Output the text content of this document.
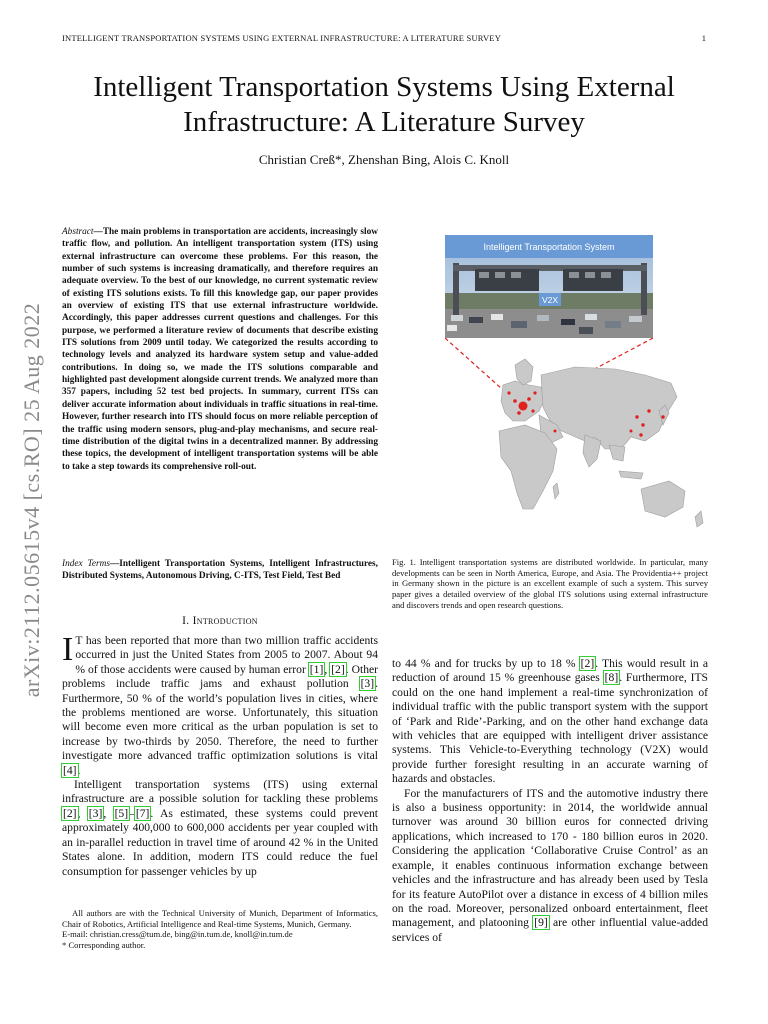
INTELLIGENT TRANSPORTATION SYSTEMS USING EXTERNAL INFRASTRUCTURE: A LITERATURE SURVEY	1
Intelligent Transportation Systems Using External
Infrastructure: A Literature Survey
Christian Creß*, Zhenshan Bing, Alois C. Knoll
arXiv:2112.05615v4 [cs.RO] 25 Aug 2022
Abstract—The main problems in transportation are accidents, increasingly slow traffic flow, and pollution. An intelligent transportation system (ITS) using external infrastructure can overcome these problems. For this reason, the number of such systems is increasing dramatically, and therefore requires an adequate overview. To the best of our knowledge, no current systematic review of existing ITS solutions exists. To fill this knowledge gap, our paper provides an overview of existing ITS that use external infrastructure worldwide. Accordingly, this paper addresses current questions and challenges. For this purpose, we performed a literature review of documents that describe existing ITS solutions from 2009 until today. We categorized the results according to technology levels and analyzed its hardware system setup and value-added contributions. In doing so, we made the ITS solutions comparable and highlighted past development alongside current trends. We analyzed more than 357 papers, including 52 test bed projects. In summary, current ITSs can deliver accurate information about individuals in traffic situations in real-time. However, further research into ITS should focus on more reliable perception of the traffic using modern sensors, plug-and-play mechanisms, and secure real-time distribution of the digital twins in a decentralized manner. By addressing these topics, the development of intelligent transportation systems will be able to take a step towards its comprehensive roll-out.
Index Terms—Intelligent Transportation Systems, Intelligent Infrastructures, Distributed Systems, Autonomous Driving, C-ITS, Test Field, Test Bed
I. Introduction

I T has been reported that more than two million traffic accidents occurred in just the United States from 2005 to 2007. About 94 % of those accidents were caused by human error [1], [2]. Other problems include traffic jams and exhaust pollution [3]. Furthermore, 50 % of the world’s population lives in cities, where the problems mentioned are worse. Unfortunately, this situation will become even more critical as the urban population is set to increase by two-thirds by 2050. Therefore, the need to further investigate more advanced traffic optimization solutions is vital [4].

Intelligent transportation systems (ITS) using external infrastructure are a possible solution for tackling these problems [2], [3], [5]–[7]. As estimated, these systems could prevent approximately 400,000 to 600,000 accidents per year coupled with an in-parallel reduction in travel time of around 42 % in the United States alone. In addition, modern ITS could reduce the fuel consumption for passenger vehicles by up

All authors are with the Technical University of Munich, Department of Informatics, Chair of Robotics, Artificial Intelligence and Real-time Systems, Munich, Germany.

E-mail: christian.cress@tum.de, bing@in.tum.de, knoll@in.tum.de

* Corresponding author.

Intelligent Transportation System
V2X
Fig. 1. Intelligent transportation systems are distributed worldwide. In particular, many developments can be seen in North America, Europe, and Asia. The Providentia++ project in Germany shown in the picture is an excellent example of such a system. This survey paper gives a detailed overview of the global ITS solutions using external infrastructure and discovers trends and open research questions.

to 44 % and for trucks by up to 18 % [2]. This would result in a reduction of around 15 % greenhouse gases [8]. Furthermore, ITS could on the one hand implement a real-time synchronization of individual traffic with the public transport system with the support of ‘Park and Ride’-Parking, and on the other hand exchange data with vehicles that are equipped with intelligent driver assistance systems. This Vehicle-to-Everything technology (V2X) would provide further foresight resulting in an accurate warning of hazards and obstacles.

For the manufacturers of ITS and the automotive industry there is also a business opportunity: in 2014, the worldwide annual turnover was around 30 billion euros for connected driving applications, which increased to 170 - 180 billion euros in 2020. Considering the application ‘Collaborative Cruise Control’ as an example, it enables continuous information exchange between vehicles and the infrastructure and has already been used by Tesla for its feature AutoPilot over a distance in excess of 4 billion miles on the road. Moreover, personalized onboard entertainment, fleet management, and platooning [9] are other influential value-added services of
